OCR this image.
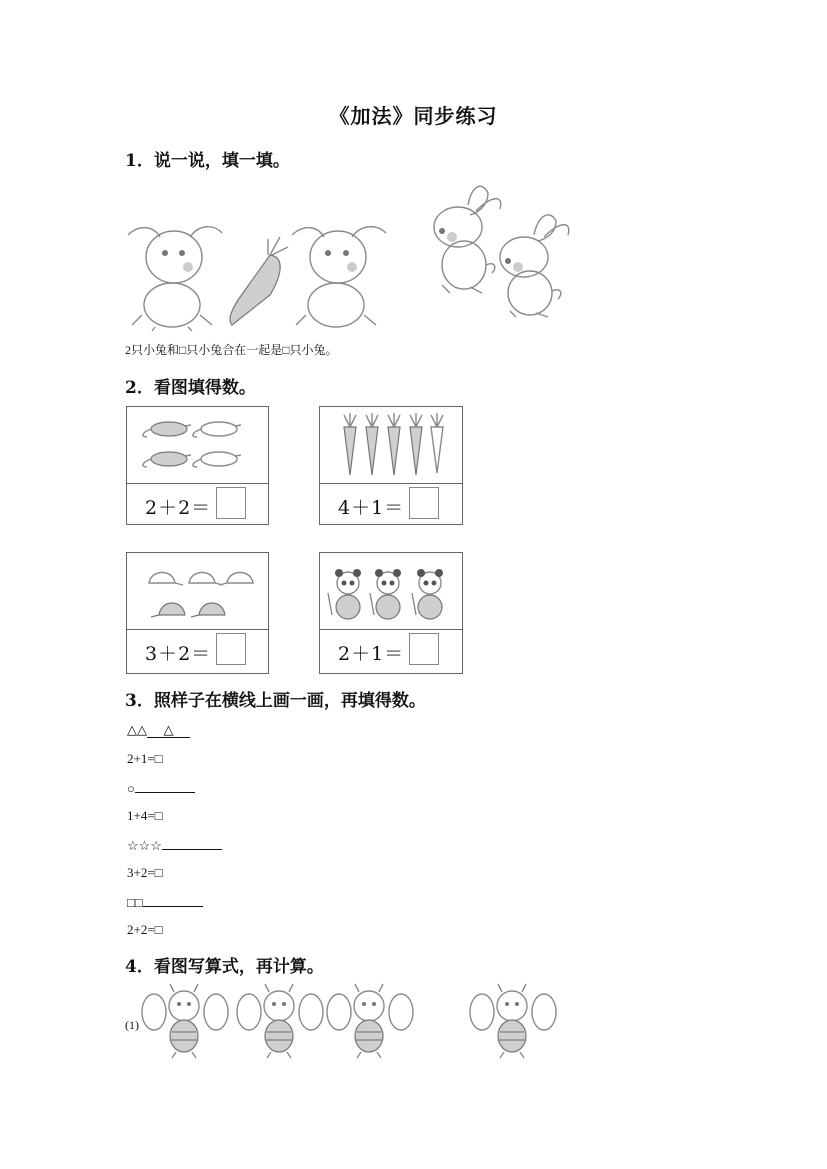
《加法》同步练习
1．说一说，填一填。
2只小兔和□只小兔合在一起是□只小兔。
2．看图填得数。
2＋2＝	4＋1＝
3＋2＝	2＋1＝
3．照样子在横线上画一画，再填得数。
△△ △
2+1=□
○
1+4=□
☆☆☆
3+2=□
□□
2+2=□
4．看图写算式，再计算。
(1)
